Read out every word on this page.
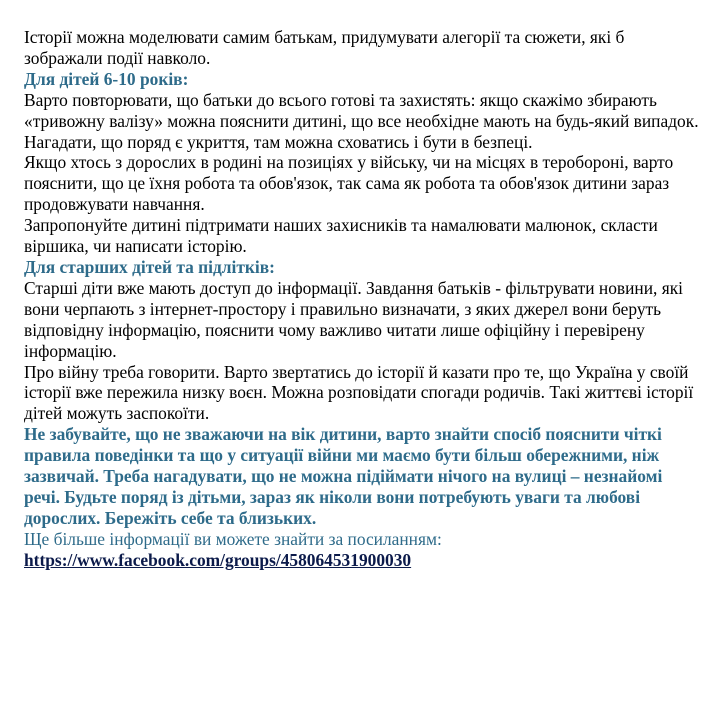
Історії можна моделювати самим батькам, придумувати алегорії та сюжети, які б зображали події навколо.

Для дітей 6-10 років:

Варто повторювати, що батьки до всього готові та захистять: якщо скажімо збирають «тривожну валізу» можна пояснити дитині, що все необхідне мають на будь-який випадок. Нагадати, що поряд є укриття, там можна сховатись і бути в безпеці.

Якщо хтось з дорослих в родині на позиціях у війську, чи на місцях в теробороні, варто пояснити, що це їхня робота та обов'язок, так сама як робота та обов'язок дитини зараз продовжувати навчання.

Запропонуйте дитині підтримати наших захисників та намалювати малюнок, скласти віршика, чи написати історію.

Для старших дітей та підлітків:

Старші діти вже мають доступ до інформації. Завдання батьків - фільтрувати новини, які вони черпають з інтернет-простору і правильно визначати, з яких джерел вони беруть відповідну інформацію, пояснити чому важливо читати лише офіційну і перевірену інформацію.

Про війну треба говорити. Варто звертатись до історії й казати про те, що Україна у своїй історії вже пережила низку воєн. Можна розповідати спогади родичів. Такі життєві історії дітей можуть заспокоїти.

Не забувайте, що не зважаючи на вік дитини, варто знайти спосіб пояснити чіткі правила поведінки та що у ситуації війни ми маємо бути більш обережними, ніж зазвичай. Треба нагадувати, що не можна підіймати нічого на вулиці – незнайомі речі. Будьте поряд із дітьми, зараз як ніколи вони потребують уваги та любові дорослих. Бережіть себе та близьких.

Ще більше інформації ви можете знайти за посиланням:

https://www.facebook.com/groups/458064531900030
